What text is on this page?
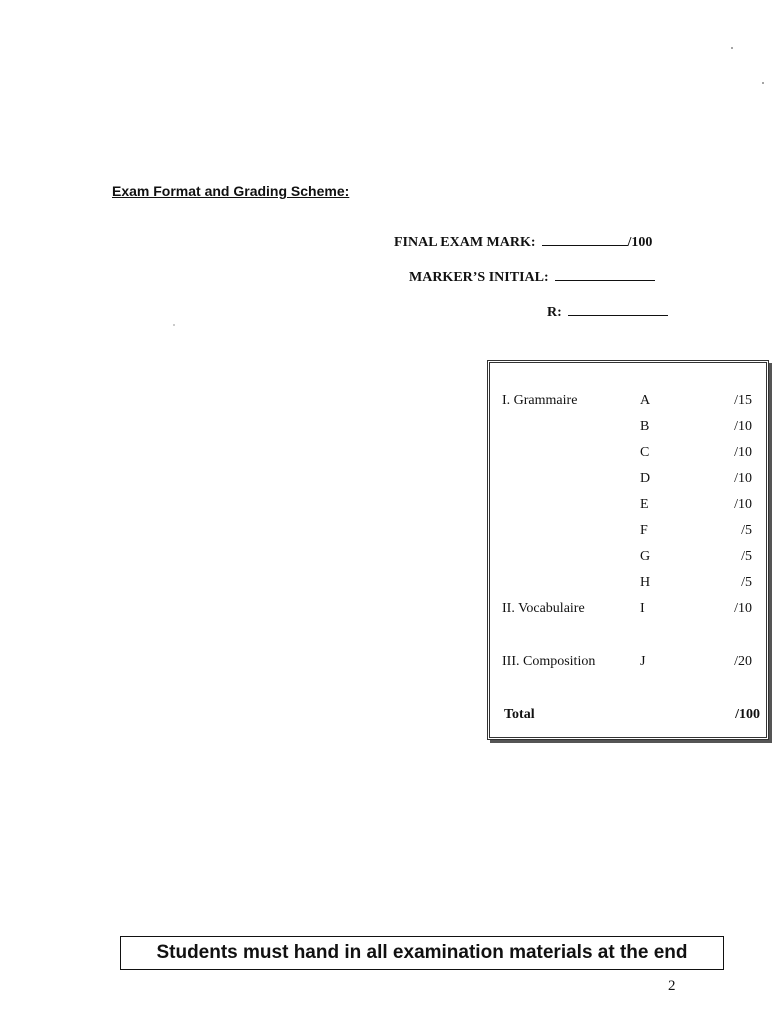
Exam Format and Grading Scheme:
FINAL EXAM MARK:	/100
MARKER’S INITIAL:
R:
I. Grammaire	A	/15
B	/10
C	/10
D	/10
E	/10
F	/5
G	/5
H	/5
II. Vocabulaire	I	/10
III. Composition	J	/20
Total	/100
Students must hand in all examination materials at the end
2
